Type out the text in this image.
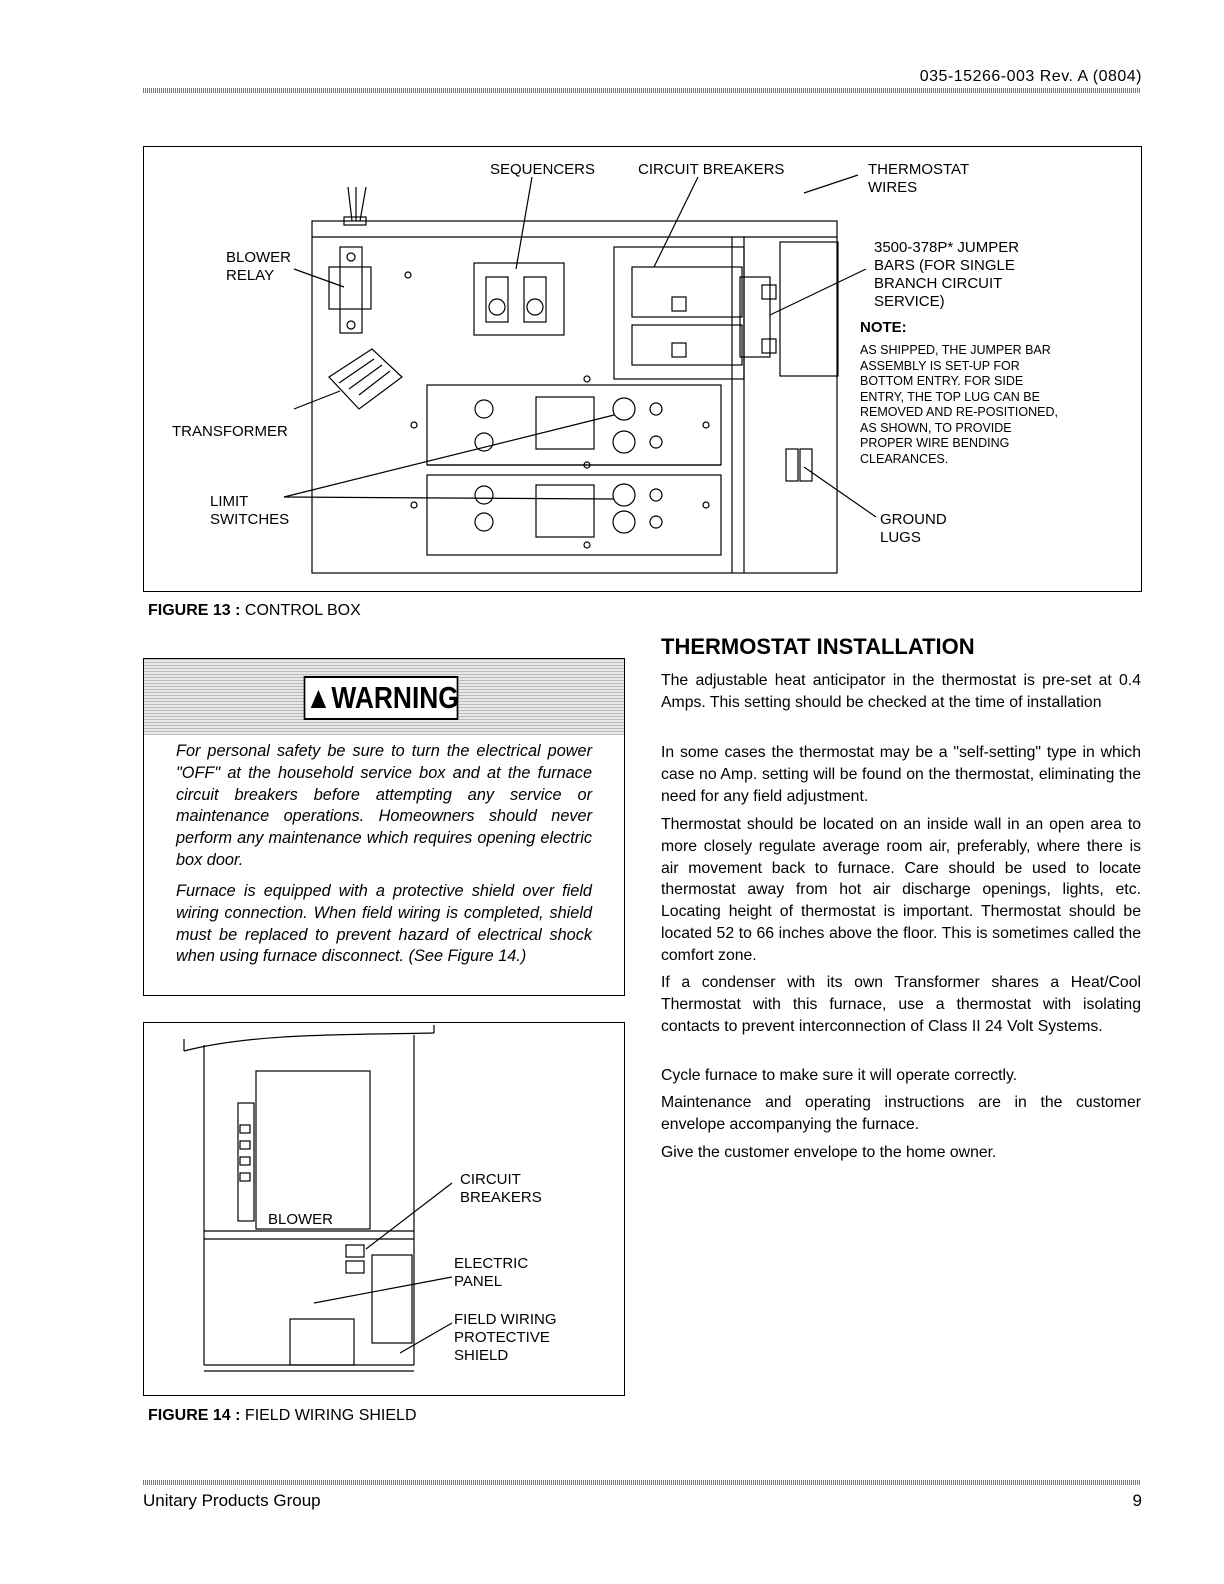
035-15266-003 Rev. A (0804)
SEQUENCERS	CIRCUIT BREAKERS	THERMOSTAT
WIRES
BLOWER
RELAY
3500-378P* JUMPER
BARS (FOR SINGLE
BRANCH CIRCUIT
SERVICE)
NOTE:
AS SHIPPED, THE JUMPER BAR
ASSEMBLY IS SET-UP FOR
BOTTOM ENTRY. FOR SIDE
ENTRY, THE TOP LUG CAN BE
REMOVED AND RE-POSITIONED,
AS SHOWN, TO PROVIDE
PROPER WIRE BENDING
CLEARANCES.
TRANSFORMER
LIMIT
SWITCHES	GROUND
LUGS
FIGURE 13 : CONTROL BOX
▲WARNING
For personal safety be sure to turn the electrical power "OFF" at the household service box and at the furnace circuit breakers before attempting any service or maintenance operations. Homeowners should never perform any maintenance which requires opening electric box door.
Furnace is equipped with a protective shield over field wiring connection. When field wiring is completed, shield must be replaced to prevent hazard of electrical shock when using furnace disconnect. (See Figure 14.)
CIRCUIT
BREAKERS
BLOWER
ELECTRIC
PANEL
FIELD WIRING
PROTECTIVE
SHIELD
FIGURE 14 : FIELD WIRING SHIELD
THERMOSTAT INSTALLATION
The adjustable heat anticipator in the thermostat is pre-set at 0.4 Amps. This setting should be checked at the time of installation
In some cases the thermostat may be a "self-setting" type in which case no Amp. setting will be found on the thermostat, eliminating the need for any field adjustment.
Thermostat should be located on an inside wall in an open area to more closely regulate average room air, preferably, where there is air movement back to furnace. Care should be used to locate thermostat away from hot air discharge openings, lights, etc. Locating height of thermostat is important. Thermostat should be located 52 to 66 inches above the floor. This is sometimes called the comfort zone.
If a condenser with its own Transformer shares a Heat/Cool Thermostat with this furnace, use a thermostat with isolating contacts to prevent interconnection of Class II 24 Volt Systems.
Cycle furnace to make sure it will operate correctly.
Maintenance and operating instructions are in the customer envelope accompanying the furnace.
Give the customer envelope to the home owner.
Unitary Products Group	9
